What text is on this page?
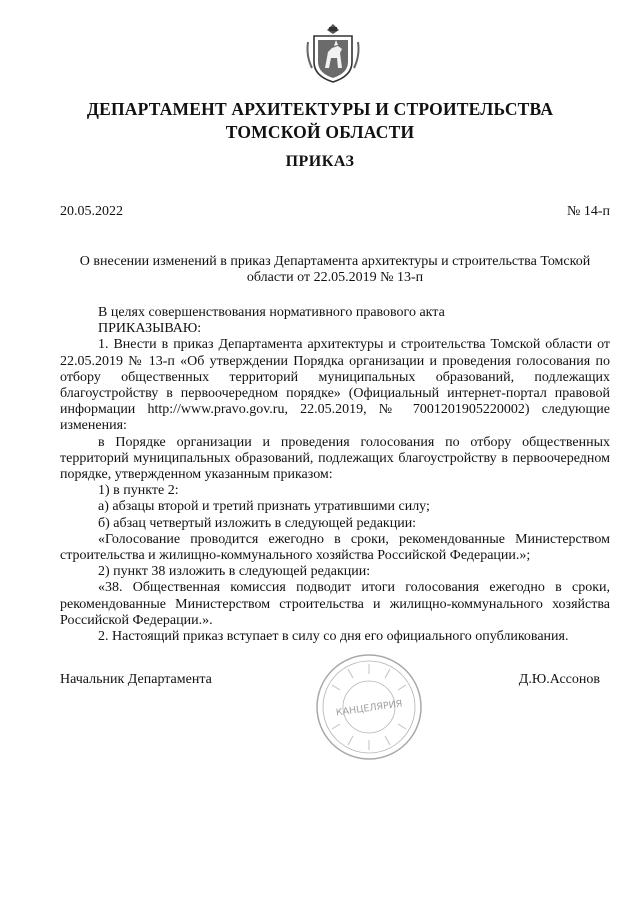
ДЕПАРТАМЕНТ АРХИТЕКТУРЫ И СТРОИТЕЛЬСТВА
ТОМСКОЙ ОБЛАСТИ
ПРИКАЗ
20.05.2022	№ 14-п
О внесении изменений в приказ Департамента архитектуры и строительства Томской области от 22.05.2019 № 13-п

В целях совершенствования нормативного правового акта

ПРИКАЗЫВАЮ:

1. Внести в приказ Департамента архитектуры и строительства Томской области от 22.05.2019 № 13-п «Об утверждении Порядка организации и проведения голосования по отбору общественных территорий муниципальных образований, подлежащих благоустройству в первоочередном порядке» (Официальный интернет-портал правовой информации http://www.pravo.gov.ru, 22.05.2019, № 7001201905220002) следующие изменения:

в Порядке организации и проведения голосования по отбору общественных территорий муниципальных образований, подлежащих благоустройству в первоочередном порядке, утвержденном указанным приказом:

1) в пункте 2:

а) абзацы второй и третий признать утратившими силу;

б) абзац четвертый изложить в следующей редакции:

«Голосование проводится ежегодно в сроки, рекомендованные Министерством строительства и жилищно-коммунального хозяйства Российской Федерации.»;

2) пункт 38 изложить в следующей редакции:

«38. Общественная комиссия подводит итоги голосования ежегодно в сроки, рекомендованные Министерством строительства и жилищно-коммунального хозяйства Российской Федерации.».

2. Настоящий приказ вступает в силу со дня его официального опубликования.

Начальник Департамента	Д.Ю.Ассонов
КАНЦЕЛЯРИЯ
